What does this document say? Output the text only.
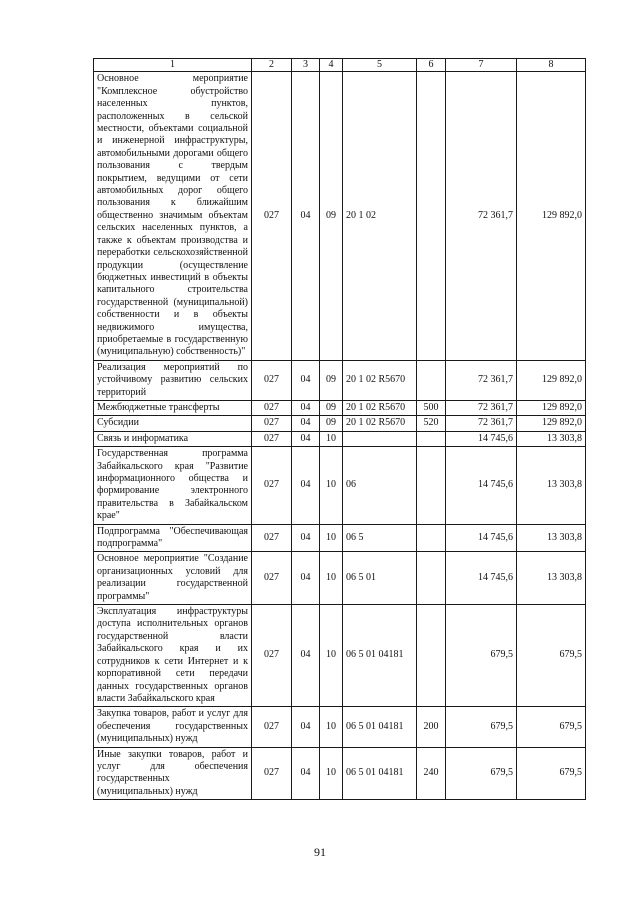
1	2	3	4	5	6	7	8
Основное мероприятие "Комплексное обустройство населенных пунктов, расположенных в сельской местности, объектами социальной и инженерной инфраструктуры, автомобильными дорогами общего пользования с твердым покрытием, ведущими от сети автомобильных дорог общего пользования к ближайшим общественно значимым объектам сельских населенных пунктов, а также к объектам производства и переработки сельскохозяйственной продукции (осуществление бюджетных инвестиций в объекты капитального строительства государственной (муниципальной) собственности и в объекты недвижимого имущества, приобретаемые в государственную (муниципальную) собственность)"	027	04	09	20 1 02		72 361,7	129 892,0
Реализация мероприятий по устойчивому развитию сельских территорий	027	04	09	20 1 02 R5670		72 361,7	129 892,0
Межбюджетные трансферты	027	04	09	20 1 02 R5670	500	72 361,7	129 892,0
Субсидии	027	04	09	20 1 02 R5670	520	72 361,7	129 892,0
Связь и информатика	027	04	10			14 745,6	13 303,8
Государственная программа Забайкальского края "Развитие информационного общества и формирование электронного правительства в Забайкальском крае"	027	04	10	06		14 745,6	13 303,8
Подпрограмма "Обеспечивающая подпрограмма"	027	04	10	06 5		14 745,6	13 303,8
Основное мероприятие "Создание организационных условий для реализации государственной программы"	027	04	10	06 5 01		14 745,6	13 303,8
Эксплуатация инфраструктуры доступа исполнительных органов государственной власти Забайкальского края и их сотрудников к сети Интернет и к корпоративной сети передачи данных государственных органов власти Забайкальского края	027	04	10	06 5 01 04181		679,5	679,5
Закупка товаров, работ и услуг для обеспечения государственных (муниципальных) нужд	027	04	10	06 5 01 04181	200	679,5	679,5
Иные закупки товаров, работ и услуг для обеспечения государственных (муниципальных) нужд	027	04	10	06 5 01 04181	240	679,5	679,5
91
